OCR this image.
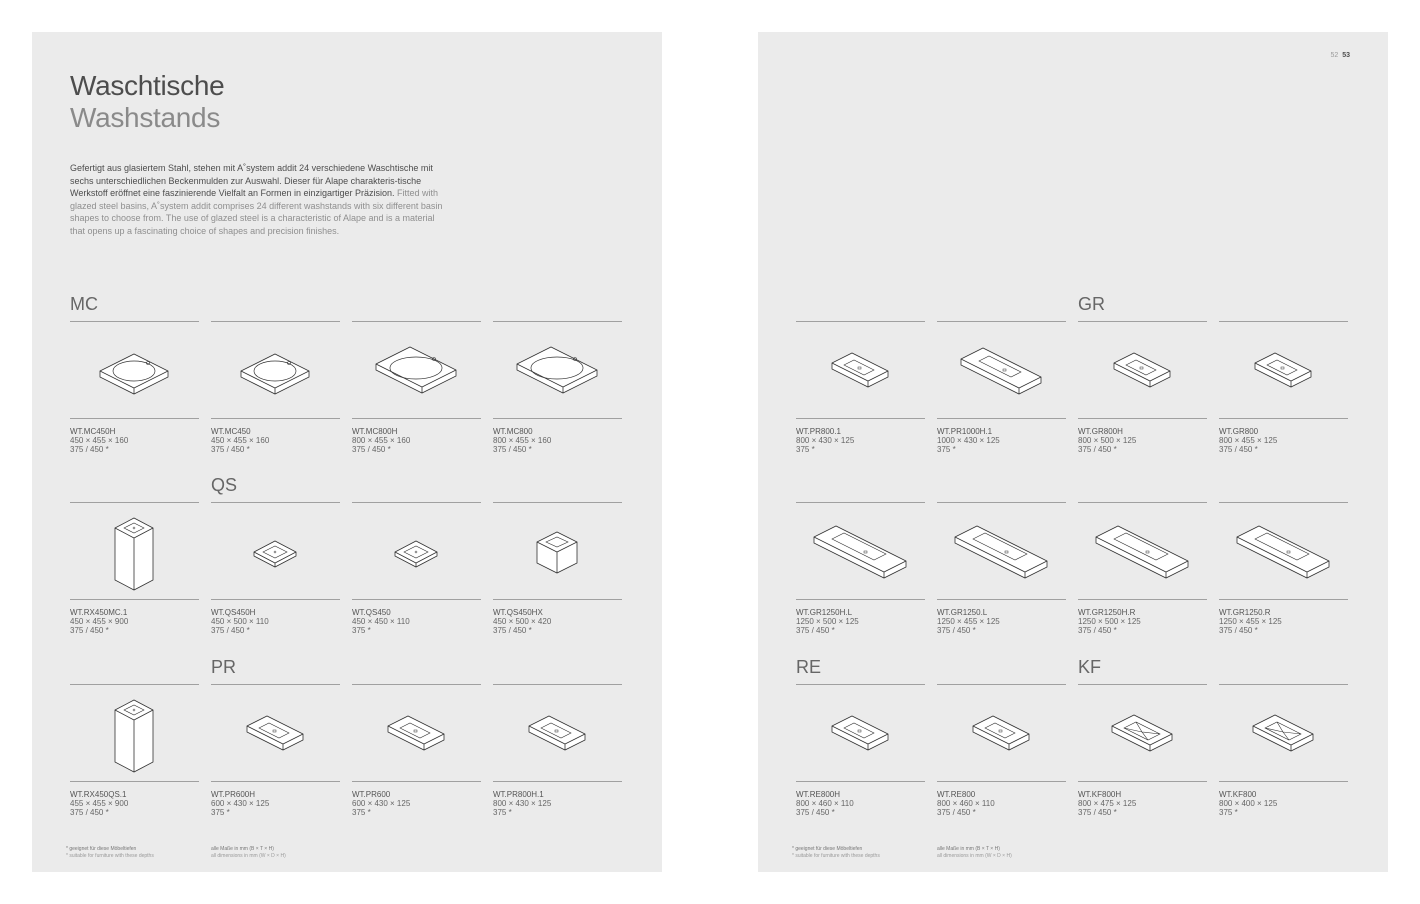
Waschtische
Washstands
Gefertigt aus glasiertem Stahl, stehen mit A˚system addit 24 verschiedene Waschtische mit sechs unterschiedlichen Beckenmulden zur Auswahl. Dieser für Alape charakteris-tische Werkstoff eröffnet eine faszinierende Vielfalt an Formen in einzigartiger Präzision. Fitted with glazed steel basins, A˚system addit comprises 24 different washstands with six different basin shapes to choose from. The use of glazed steel is a characteristic of Alape and is a material that opens up a fascinating choice of shapes and precision finishes.
MC
WT.MC450H
450 × 455 × 160
375 / 450 *
WT.MC450
450 × 455 × 160
375 / 450 *
WT.MC800H
800 × 455 × 160
375 / 450 *
WT.MC800
800 × 455 × 160
375 / 450 *
WT.RX450MC.1
450 × 455 × 900
375 / 450 *
QS
WT.QS450H
450 × 500 × 110
375 / 450 *
WT.QS450
450 × 450 × 110
375 *
WT.QS450HX
450 × 500 × 420
375 / 450 *
WT.RX450QS.1
455 × 455 × 900
375 / 450 *
PR
WT.PR600H
600 × 430 × 125
375 *
WT.PR600
600 × 430 × 125
375 *
WT.PR800H.1
800 × 430 × 125
375 *
* geeignet für diese Möbeltiefen
* suitable for furniture with these depths
alle Maße in mm (B × T × H)
all dimensions in mm (W × D × H)
52 53
WT.PR800.1
800 × 430 × 125
375 *
WT.PR1000H.1
1000 × 430 × 125
375 *
GR
WT.GR800H
800 × 500 × 125
375 / 450 *
WT.GR800
800 × 455 × 125
375 / 450 *
WT.GR1250H.L
1250 × 500 × 125
375 / 450 *
WT.GR1250.L
1250 × 455 × 125
375 / 450 *
WT.GR1250H.R
1250 × 500 × 125
375 / 450 *
WT.GR1250.R
1250 × 455 × 125
375 / 450 *
RE
WT.RE800H
800 × 460 × 110
375 / 450 *
WT.RE800
800 × 460 × 110
375 / 450 *
KF
WT.KF800H
800 × 475 × 125
375 / 450 *
WT.KF800
800 × 400 × 125
375 *
* geeignet für diese Möbeltiefen
* suitable for furniture with these depths
alle Maße in mm (B × T × H)
all dimensions in mm (W × D × H)
